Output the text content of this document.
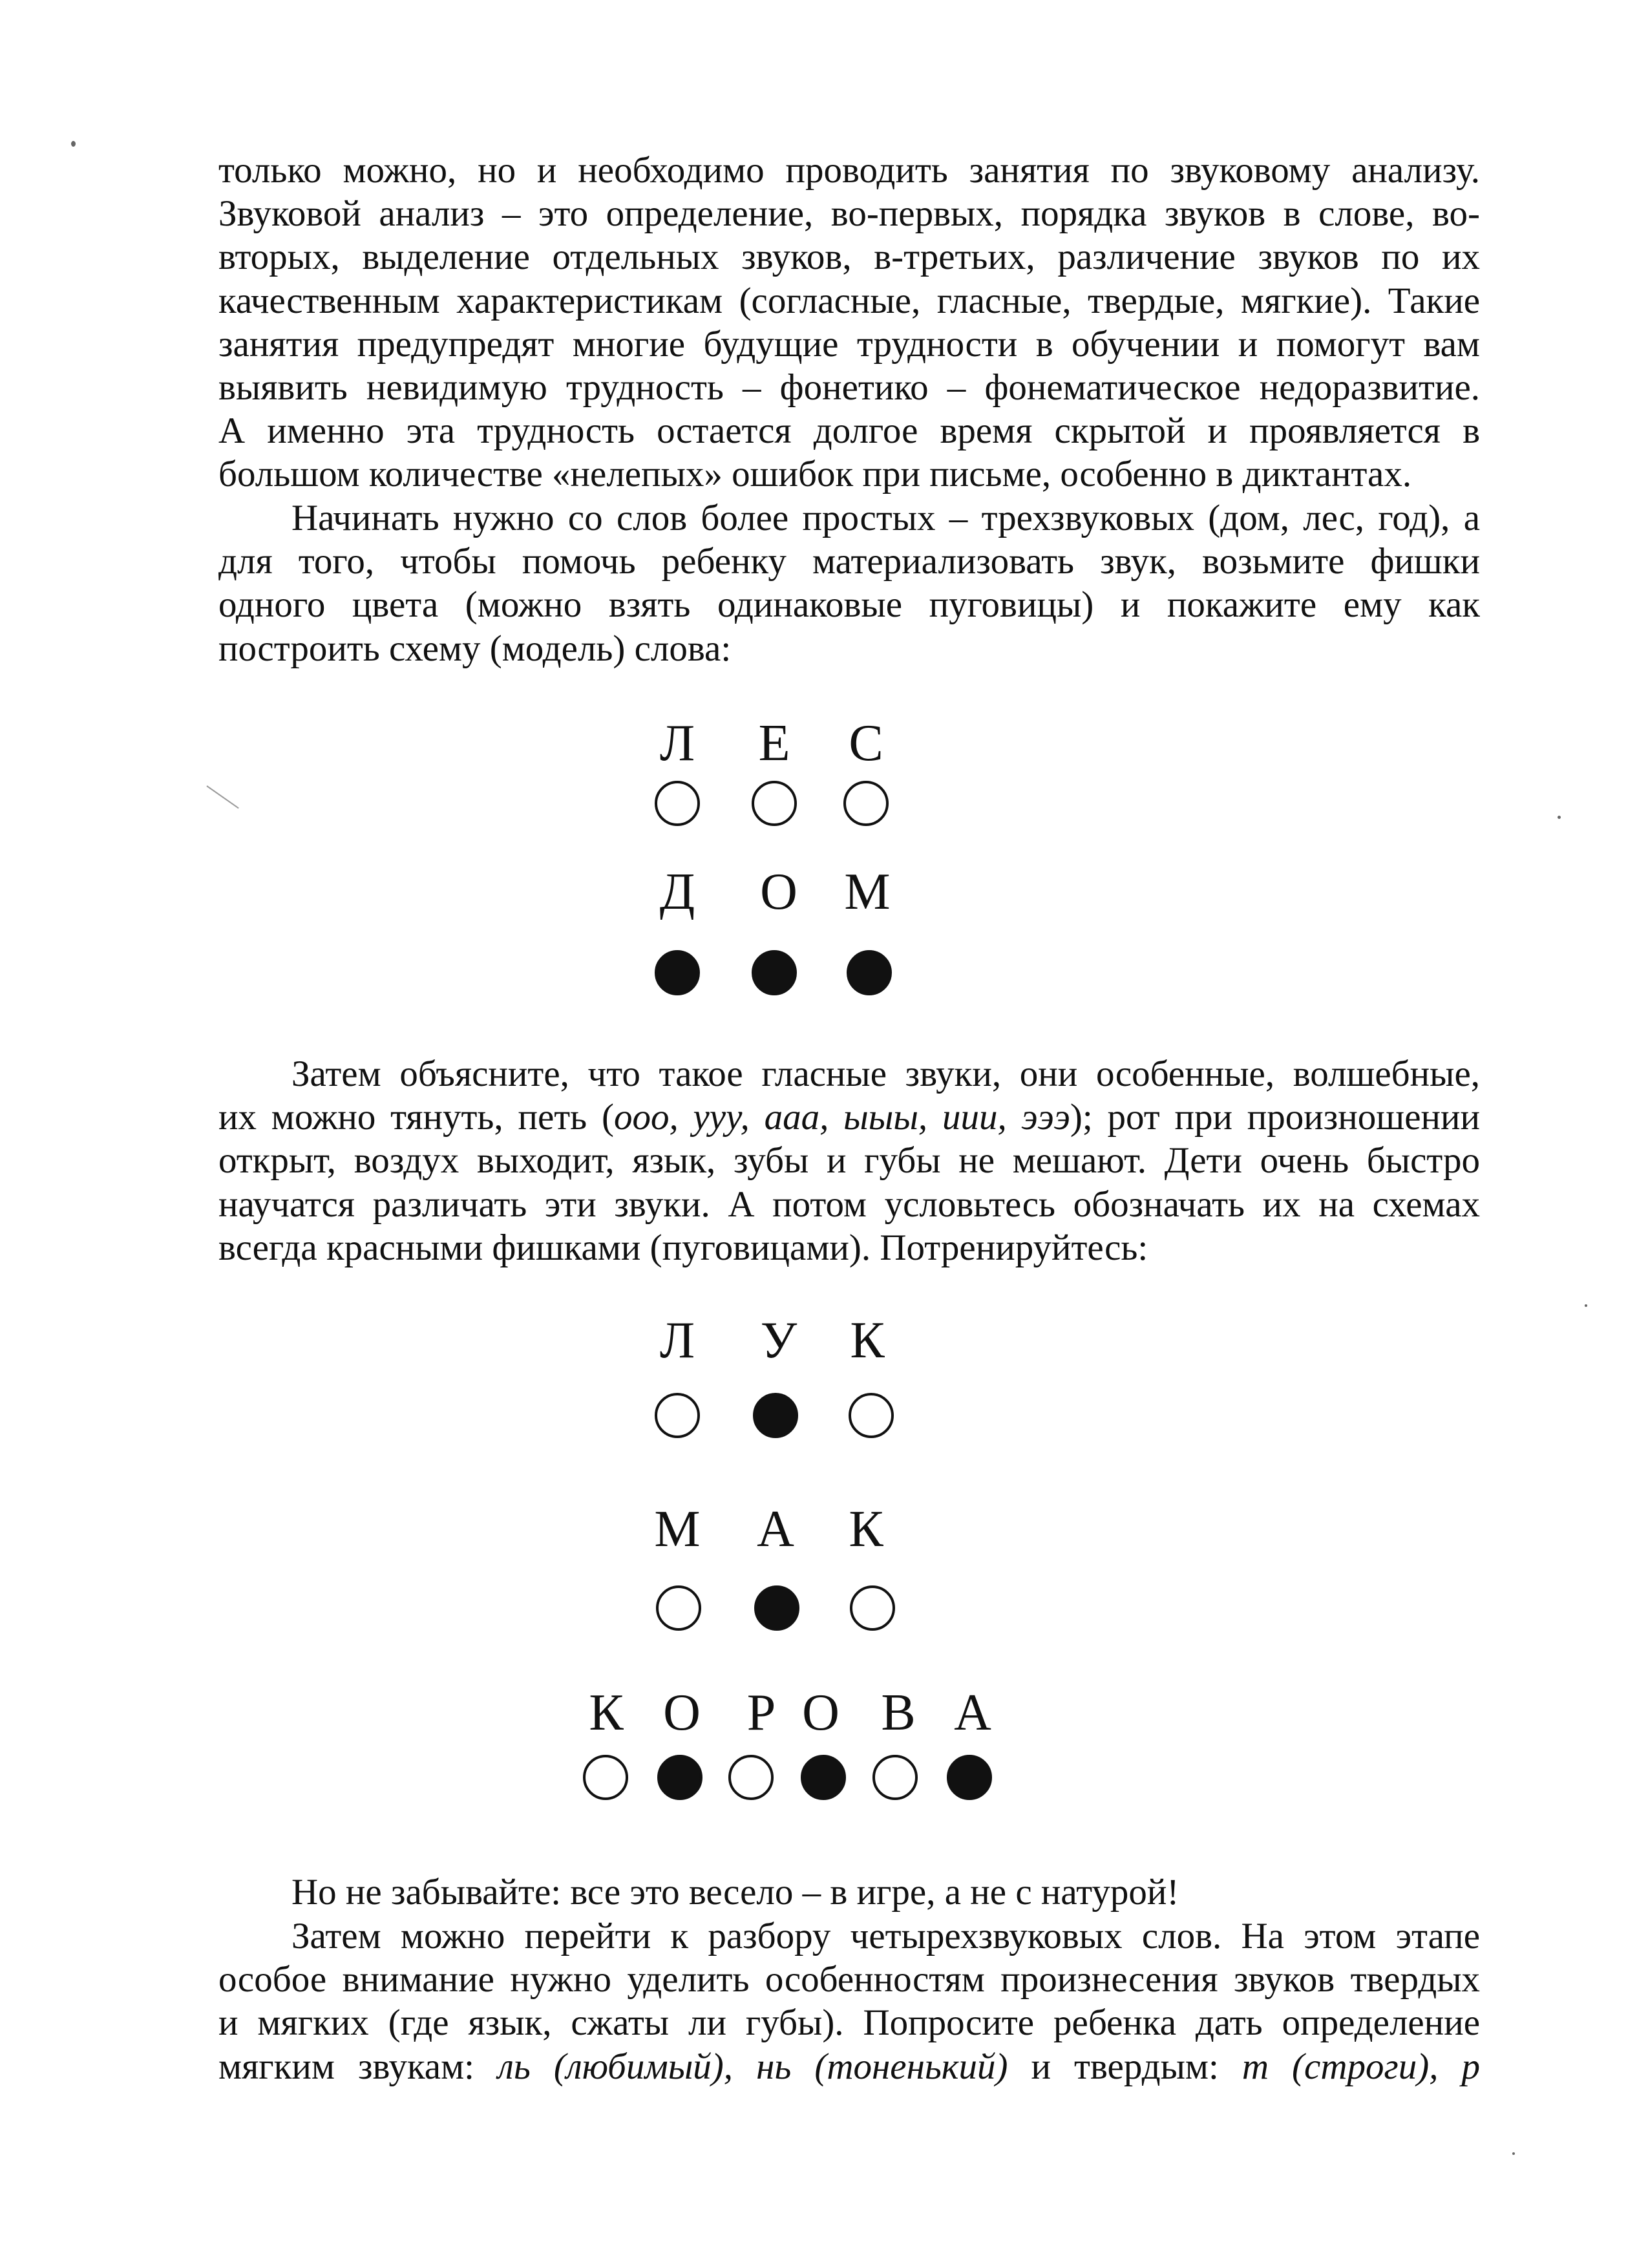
только можно, но и необходимо проводить занятия по звуковому анализу.
Звуковой анализ – это определение, во-первых, порядка звуков в слове, во-
вторых, выделение отдельных звуков, в-третьих, различение звуков по их
качественным характеристикам (согласные, гласные, твердые, мягкие). Такие
занятия предупредят многие будущие трудности в обучении и помогут вам
выявить невидимую трудность – фонетико – фонематическое недоразвитие.
А именно эта трудность остается долгое время скрытой и проявляется в
большом количестве «нелепых» ошибок при письме, особенно в диктантах.
Начинать нужно со слов более простых – трехзвуковых (дом, лес, год), а
для того, чтобы помочь ребенку материализовать звук, возьмите фишки
одного цвета (можно взять одинаковые пуговицы) и покажите ему как
построить схему (модель) слова:
Л	Е	С
Д	О М
Затем объясните, что такое гласные звуки, они особенные, волшебные,
их можно тянуть, петь (ооо, ууу, ааа, ыыы, иии, эээ); рот при произношении
открыт, воздух выходит, язык, зубы и губы не мешают. Дети очень быстро
научатся различать эти звуки. А потом условьтесь обозначать их на схемах
всегда красными фишками (пуговицами). Потренируйтесь:
Л	У	К
М	А	К
К О Р О В А
Но не забывайте: все это весело – в игре, а не с натурой!
Затем можно перейти к разбору четырехзвуковых слов. На этом этапе
особое внимание нужно уделить особенностям произнесения звуков твердых
и мягких (где язык, сжаты ли губы). Попросите ребенка дать определение
мягким звукам: ль (любимый), нь (тоненький) и твердым: т (строги), р
